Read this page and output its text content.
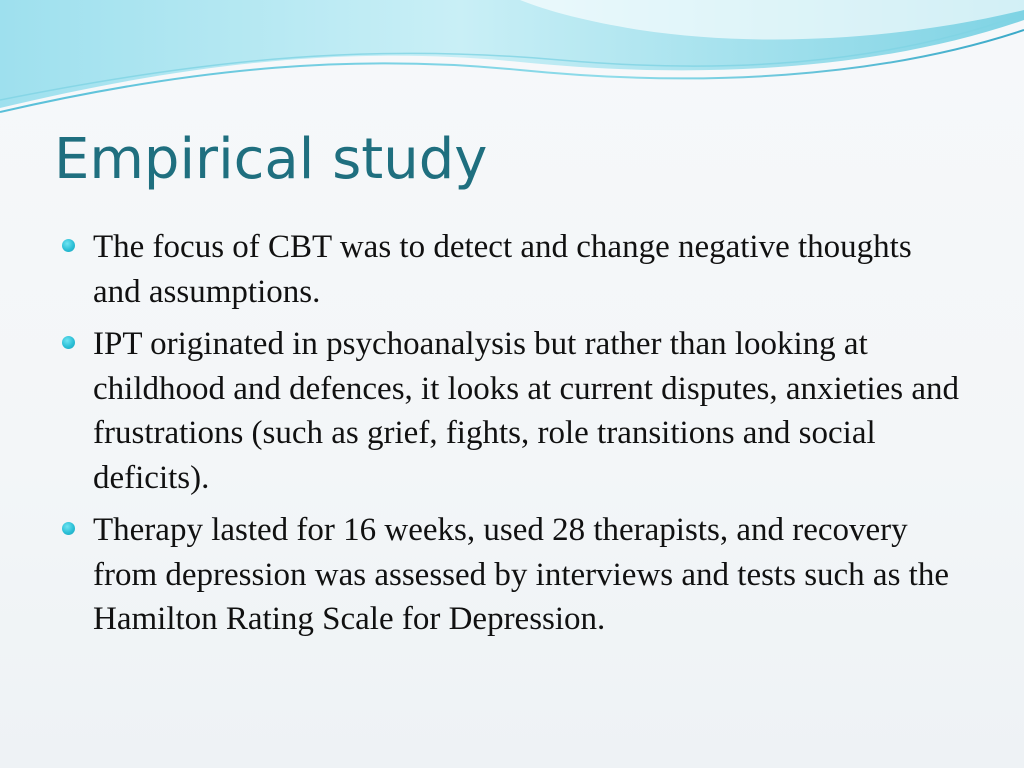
Empirical study
The focus of CBT was to detect and change negative thoughts and assumptions.
IPT originated in psychoanalysis but rather than looking at childhood and defences, it looks at current disputes, anxieties and frustrations (such as grief, fights, role transitions and social deficits).
Therapy lasted for 16 weeks, used 28 therapists, and recovery from depression was assessed by interviews and tests such as the Hamilton Rating Scale for Depression.
